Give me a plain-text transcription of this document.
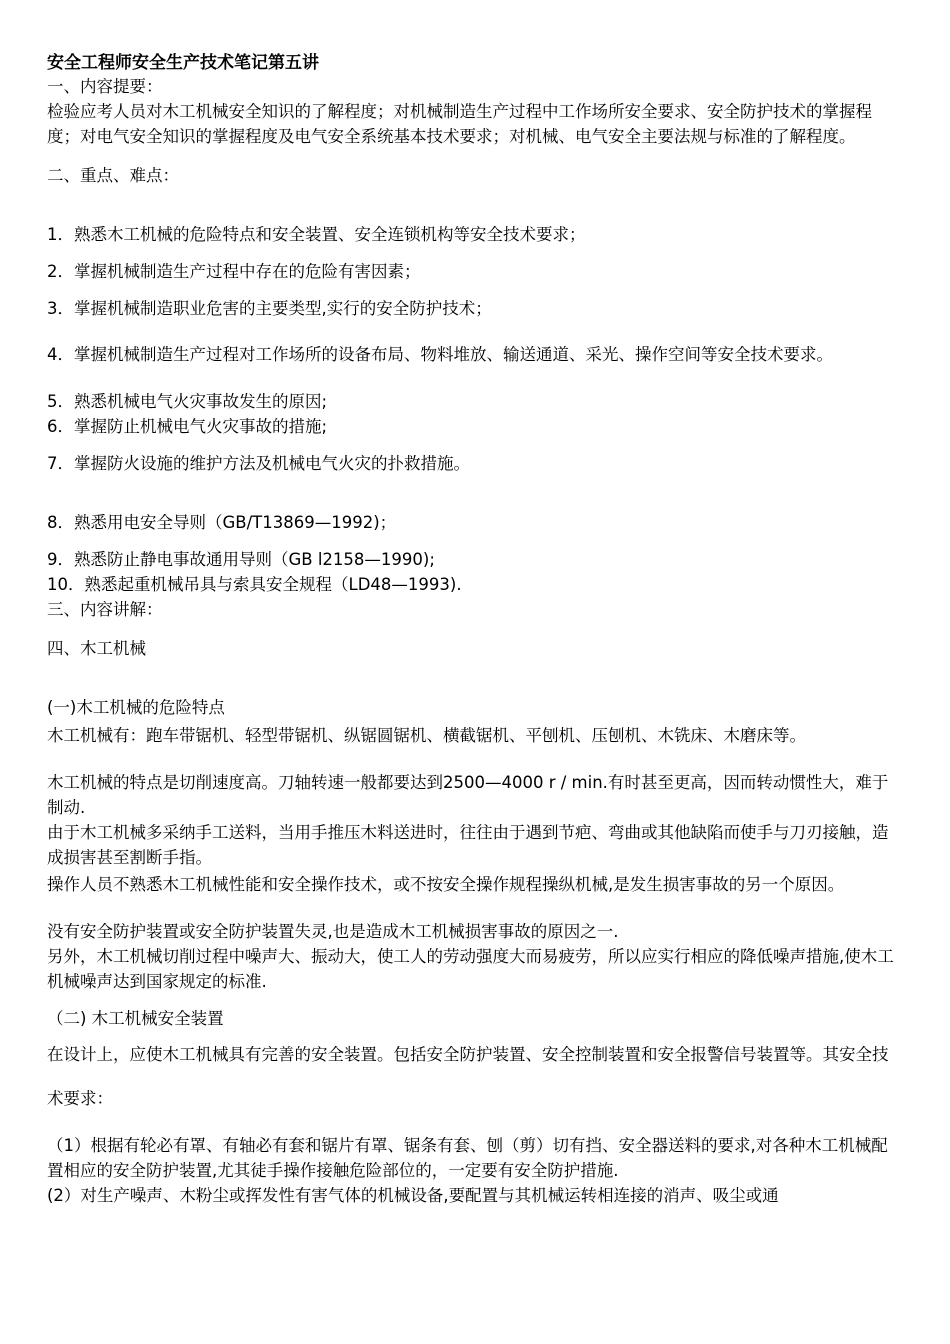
安全工程师安全生产技术笔记第五讲

一、内容提要：

检验应考人员对木工机械安全知识的了解程度；对机械制造生产过程中工作场所安全要求、安全防护技术的掌握程度；对电气安全知识的掌握程度及电气安全系统基本技术要求；对机械、电气安全主要法规与标准的了解程度。

二、重点、难点：

1．熟悉木工机械的危险特点和安全装置、安全连锁机构等安全技术要求；

2．掌握机械制造生产过程中存在的危险有害因素；

3．掌握机械制造职业危害的主要类型,实行的安全防护技术；

4．掌握机械制造生产过程对工作场所的设备布局、物料堆放、输送通道、采光、操作空间等安全技术要求。

5．熟悉机械电气火灾事故发生的原因;

6．掌握防止机械电气火灾事故的措施;

7．掌握防火设施的维护方法及机械电气火灾的扑救措施。

8．熟悉用电安全导则（GB/T13869—1992)；

9．熟悉防止静电事故通用导则（GB l2158—1990);

10．熟悉起重机械吊具与索具安全规程（LD48—1993).

三、内容讲解：

四、木工机械

(一)木工机械的危险特点

木工机械有：跑车带锯机、轻型带锯机、纵锯圆锯机、横截锯机、平刨机、压刨机、木铣床、木磨床等。

木工机械的特点是切削速度高。刀轴转速一般都要达到2500—4000 r / min.有时甚至更高，因而转动惯性大，难于制动.

由于木工机械多采纳手工送料，当用手推压木料送进时，往往由于遇到节疤、弯曲或其他缺陷而使手与刀刃接触，造成损害甚至割断手指。

操作人员不熟悉木工机械性能和安全操作技术，或不按安全操作规程操纵机械,是发生损害事故的另一个原因。

没有安全防护装置或安全防护装置失灵,也是造成木工机械损害事故的原因之一.

另外，木工机械切削过程中噪声大、振动大，使工人的劳动强度大而易疲劳，所以应实行相应的降低噪声措施,使木工机械噪声达到国家规定的标准.

（二) 木工机械安全装置

在设计上，应使木工机械具有完善的安全装置。包括安全防护装置、安全控制装置和安全报警信号装置等。其安全技术要求：

（1）根据有轮必有罩、有轴必有套和锯片有罩、锯条有套、刨（剪）切有挡、安全器送料的要求,对各种木工机械配置相应的安全防护装置,尤其徒手操作接触危险部位的，一定要有安全防护措施.

(2）对生产噪声、木粉尘或挥发性有害气体的机械设备,要配置与其机械运转相连接的消声、吸尘或通
